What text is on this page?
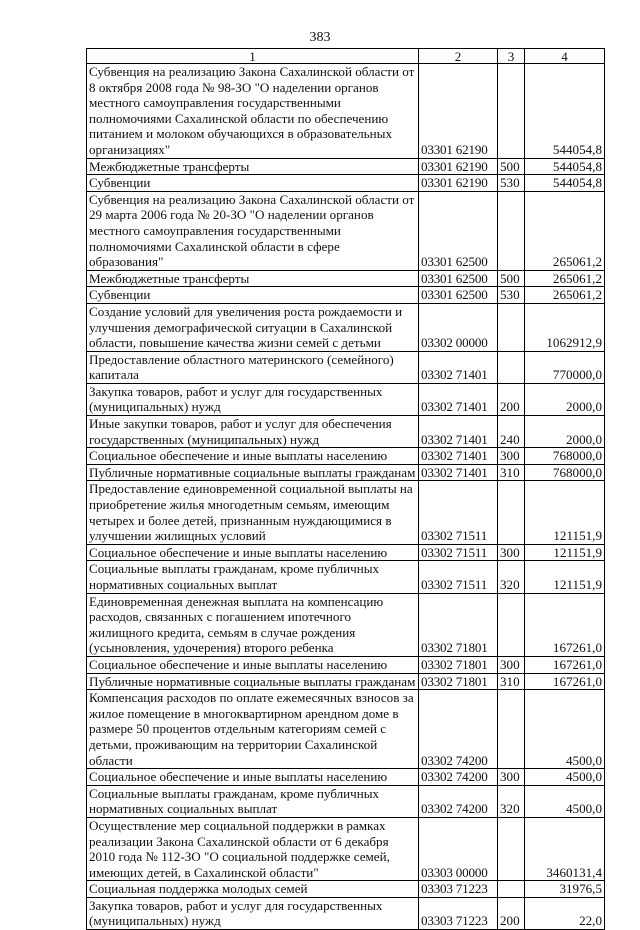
383
1	2	3	4
Субвенция на реализацию Закона Сахалинской области от 8 октября 2008 года № 98-ЗО "О наделении органов местного самоуправления государственными полномочиями Сахалинской области по обеспечению питанием и молоком обучающихся в образовательных организациях"	03301 62190		544054,8
Межбюджетные трансферты	03301 62190	500	544054,8
Субвенции	03301 62190	530	544054,8
Субвенция на реализацию Закона Сахалинской области от 29 марта 2006 года № 20-ЗО "О наделении органов местного самоуправления государственными полномочиями Сахалинской области в сфере образования"	03301 62500		265061,2
Межбюджетные трансферты	03301 62500	500	265061,2
Субвенции	03301 62500	530	265061,2
Создание условий для увеличения роста рождаемости и улучшения демографической ситуации в Сахалинской области, повышение качества жизни семей с детьми	03302 00000		1062912,9
Предоставление областного материнского (семейного) капитала	03302 71401		770000,0
Закупка товаров, работ и услуг для государственных (муниципальных) нужд	03302 71401	200	2000,0
Иные закупки товаров, работ и услуг для обеспечения государственных (муниципальных) нужд	03302 71401	240	2000,0
Социальное обеспечение и иные выплаты населению	03302 71401	300	768000,0
Публичные нормативные социальные выплаты гражданам	03302 71401	310	768000,0
Предоставление единовременной социальной выплаты на приобретение жилья многодетным семьям, имеющим четырех и более детей, признанным нуждающимися в улучшении жилищных условий	03302 71511		121151,9
Социальное обеспечение и иные выплаты населению	03302 71511	300	121151,9
Социальные выплаты гражданам, кроме публичных нормативных социальных выплат	03302 71511	320	121151,9
Единовременная денежная выплата на компенсацию расходов, связанных с погашением ипотечного жилищного кредита, семьям в случае рождения (усыновления, удочерения) второго ребенка	03302 71801		167261,0
Социальное обеспечение и иные выплаты населению	03302 71801	300	167261,0
Публичные нормативные социальные выплаты гражданам	03302 71801	310	167261,0
Компенсация расходов по оплате ежемесячных взносов за жилое помещение в многоквартирном арендном доме в размере 50 процентов отдельным категориям семей с детьми, проживающим на территории Сахалинской области	03302 74200		4500,0
Социальное обеспечение и иные выплаты населению	03302 74200	300	4500,0
Социальные выплаты гражданам, кроме публичных нормативных социальных выплат	03302 74200	320	4500,0
Осуществление мер социальной поддержки в рамках реализации Закона Сахалинской области от 6 декабря 2010 года № 112-ЗО "О социальной поддержке семей, имеющих детей, в Сахалинской области"	03303 00000		3460131,4
Социальная поддержка молодых семей	03303 71223		31976,5
Закупка товаров, работ и услуг для государственных (муниципальных) нужд	03303 71223	200	22,0
